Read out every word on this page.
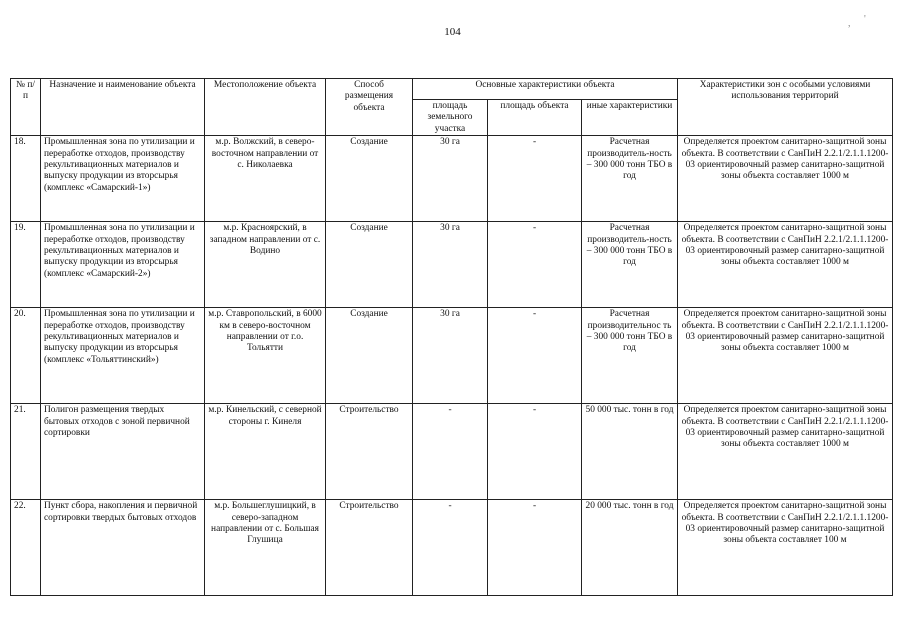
104
, '
№ п/п	Назначение и наименование объекта	Местоположение объекта	Способ размещения объекта	Основные характеристики объекта			Характеристики зон с особыми условиями использования территорий
				площадь земельного участка	площадь объекта	иные характеристики	
18.	Промышленная зона по утилизации и переработке отходов, производству рекультивационных материалов и выпуску продукции из вторсырья (комплекс «Самарский-1»)	м.р. Волжский, в северо-восточном направлении от с. Николаевка	Создание	30 га	-	Расчетная производитель-ность – 300 000 тонн ТБО в год	Определяется проектом санитарно-защитной зоны объекта. В соответствии с СанПиН 2.2.1/2.1.1.1200-03 ориентировочный размер санитарно-защитной зоны объекта составляет 1000 м
19.	Промышленная зона по утилизации и переработке отходов, производству рекультивационных материалов и выпуску продукции из вторсырья (комплекс «Самарский-2»)	м.р. Красноярский, в западном направлении от с. Водино	Создание	30 га	-	Расчетная производитель-ность – 300 000 тонн ТБО в год	Определяется проектом санитарно-защитной зоны объекта. В соответствии с СанПиН 2.2.1/2.1.1.1200-03 ориентировочный размер санитарно-защитной зоны объекта составляет 1000 м
20.	Промышленная зона по утилизации и переработке отходов, производству рекультивационных материалов и выпуску продукции из вторсырья (комплекс «Тольяттинский»)	м.р. Ставропольский, в 6000 км в северо-восточном направлении от г.о. Тольятти	Создание	30 га	-	Расчетная производительнос ть – 300 000 тонн ТБО в год	Определяется проектом санитарно-защитной зоны объекта. В соответствии с СанПиН 2.2.1/2.1.1.1200-03 ориентировочный размер санитарно-защитной зоны объекта составляет 1000 м
21.	Полигон размещения твердых бытовых отходов с зоной первичной сортировки	м.р. Кинельский, с северной стороны г. Кинеля	Строительство	-	-	50 000 тыс. тонн в год	Определяется проектом санитарно-защитной зоны объекта. В соответствии с СанПиН 2.2.1/2.1.1.1200-03 ориентировочный размер санитарно-защитной зоны объекта составляет 1000 м
22.	Пункт сбора, накопления и первичной сортировки твердых бытовых отходов	м.р. Большеглушицкий, в северо-западном направлении от с. Большая Глушица	Строительство	-	-	20 000 тыс. тонн в год	Определяется проектом санитарно-защитной зоны объекта. В соответствии с СанПиН 2.2.1/2.1.1.1200-03 ориентировочный размер санитарно-защитной зоны объекта составляет 100 м
